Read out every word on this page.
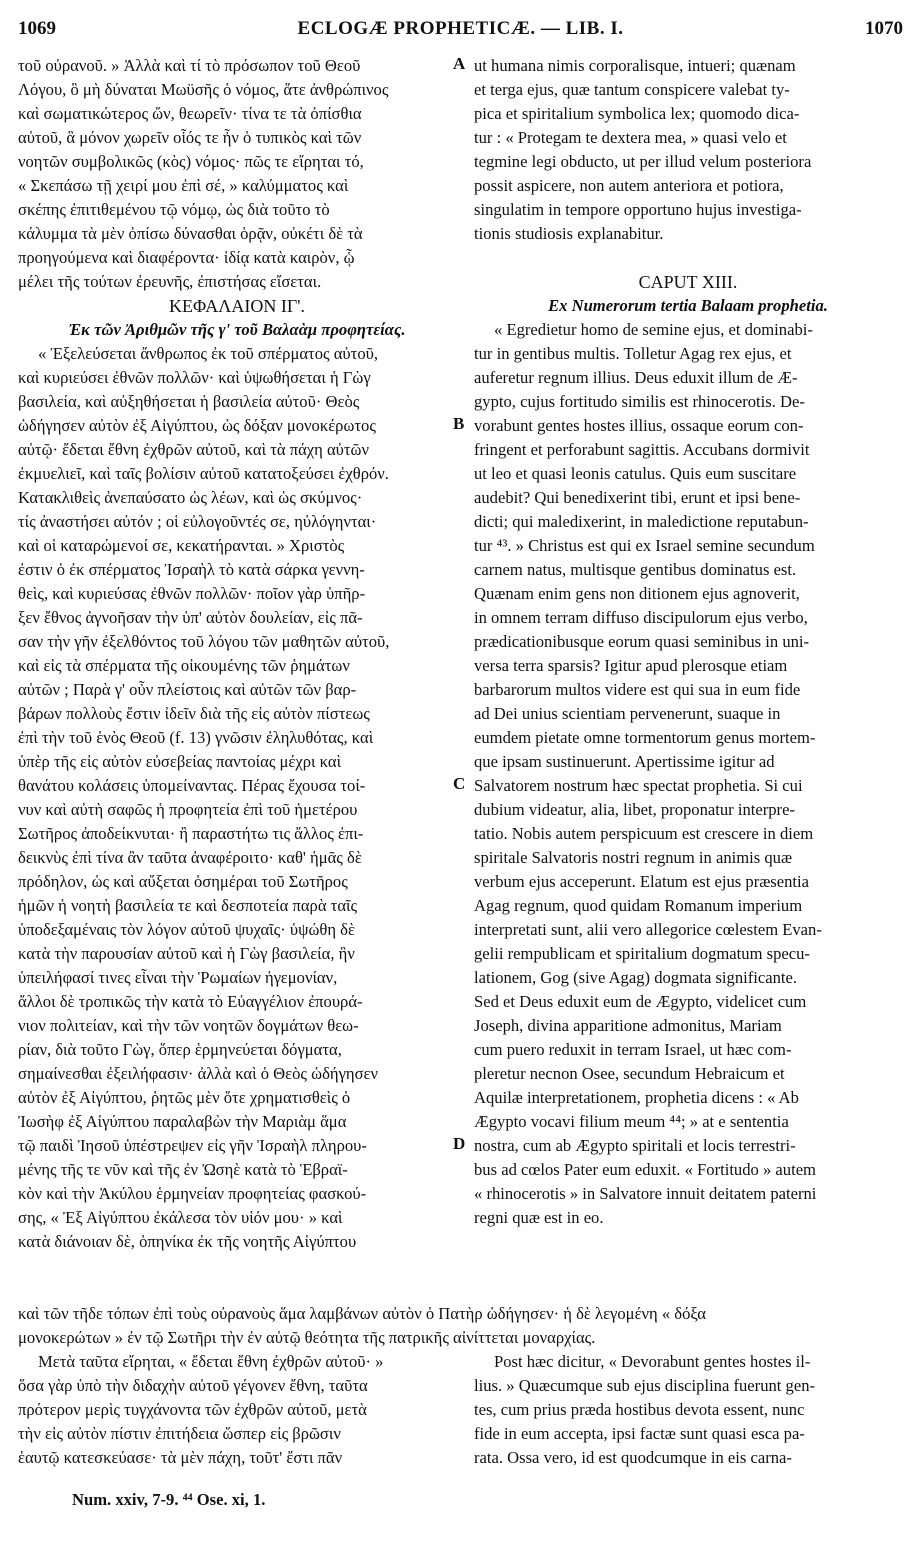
1069	ECLOGÆ PROPHETICÆ. — LIB. I.	1070
τοῦ οὐρανοῦ. » Ἀλλὰ καὶ τί τὸ πρόσωπον τοῦ Θεοῦ
Λόγου, ὃ μὴ δύναται Μωϋσῆς ὁ νόμος, ἅτε ἀνθρώπινος
καὶ σωματικώτερος ὤν, θεωρεῖν· τίνα τε τὰ ὀπίσθια
αὐτοῦ, ἃ μόνον χωρεῖν οἷός τε ἦν ὁ τυπικὸς καὶ τῶν
νοητῶν συμβολικῶς (κὸς) νόμος· πῶς τε εἴρηται τό,
« Σκεπάσω τῇ χειρί μου ἐπὶ σέ, » καλύμματος καὶ
σκέπης ἐπιτιθεμένου τῷ νόμῳ, ὡς διὰ τοῦτο τὸ
κάλυμμα τὰ μὲν ὀπίσω δύνασθαι ὁρᾷν, οὐκέτι δὲ τὰ
προηγούμενα καὶ διαφέροντα· ἰδίᾳ κατὰ καιρὸν, ᾧ
μέλει τῆς τούτων ἐρευνῆς, ἐπιστήσας εἴσεται.
ΚΕΦΑΛΑΙΟΝ ΙΓ'.
Ἐκ τῶν Ἀριθμῶν τῆς γ' τοῦ Βαλαὰμ προφητείας.
« Ἐξελεύσεται ἄνθρωπος ἐκ τοῦ σπέρματος αὐτοῦ,
καὶ κυριεύσει ἐθνῶν πολλῶν· καὶ ὑψωθήσεται ἡ Γὼγ
βασιλεία, καὶ αὐξηθήσεται ἡ βασιλεία αὐτοῦ· Θεὸς
ὡδήγησεν αὐτὸν ἐξ Αἰγύπτου, ὡς δόξαν μονοκέρωτος
αὐτῷ· ἔδεται ἔθνη ἐχθρῶν αὐτοῦ, καὶ τὰ πάχη αὐτῶν
ἐκμυελιεῖ, καὶ ταῖς βολίσιν αὐτοῦ κατατοξεύσει ἐχθρόν.
Κατακλιθεὶς ἀνεπαύσατο ὡς λέων, καὶ ὡς σκύμνος·
τίς ἀναστήσει αὐτόν ; οἱ εὐλογοῦντές σε, ηὐλόγηνται·
καὶ οἱ καταρώμενοί σε, κεκατήρανται. » Χριστὸς
ἐστιν ὁ ἐκ σπέρματος Ἰσραὴλ τὸ κατὰ σάρκα γεννη-
θεὶς, καὶ κυριεύσας ἐθνῶν πολλῶν· ποῖον γὰρ ὑπῆρ-
ξεν ἔθνος ἀγνοῆσαν τὴν ὑπ' αὐτὸν δουλείαν, εἰς πᾶ-
σαν τὴν γῆν ἐξελθόντος τοῦ λόγου τῶν μαθητῶν αὐτοῦ,
καὶ εἰς τὰ σπέρματα τῆς οἰκουμένης τῶν ῥημάτων
αὐτῶν ; Παρὰ γ' οὖν πλείστοις καὶ αὐτῶν τῶν βαρ-
βάρων πολλοὺς ἔστιν ἰδεῖν διὰ τῆς εἰς αὐτὸν πίστεως
ἐπὶ τὴν τοῦ ἑνὸς Θεοῦ (f. 13) γνῶσιν ἐληλυθότας, καὶ
ὑπὲρ τῆς εἰς αὐτὸν εὐσεβείας παντοίας μέχρι καὶ
θανάτου κολάσεις ὑπομείναντας. Πέρας ἔχουσα τοί-
νυν καὶ αὐτὴ σαφῶς ἡ προφητεία ἐπὶ τοῦ ἡμετέρου
Σωτῆρος ἀποδείκνυται· ἢ παραστήτω τις ἄλλος ἐπι-
δεικνὺς ἐπὶ τίνα ἂν ταῦτα ἀναφέροιτο· καθ' ἡμᾶς δὲ
πρόδηλον, ὡς καὶ αὔξεται ὁσημέραι τοῦ Σωτῆρος
ἡμῶν ἡ νοητὴ βασιλεία τε καὶ δεσποτεία παρὰ ταῖς
ὑποδεξαμέναις τὸν λόγον αὐτοῦ ψυχαῖς· ὑψώθη δὲ
κατὰ τὴν παρουσίαν αὐτοῦ καὶ ἡ Γὼγ βασιλεία, ἣν
ὑπειλήφασί τινες εἶναι τὴν Ῥωμαίων ἡγεμονίαν,
ἄλλοι δὲ τροπικῶς τὴν κατὰ τὸ Εὐαγγέλιον ἐπουρά-
νιον πολιτείαν, καὶ τὴν τῶν νοητῶν δογμάτων θεω-
ρίαν, διὰ τοῦτο Γὼγ, ὅπερ ἑρμηνεύεται δόγματα,
σημαίνεσθαι ἐξειλήφασιν· ἀλλὰ καὶ ὁ Θεὸς ὡδήγησεν
αὐτὸν ἐξ Αἰγύπτου, ῥητῶς μὲν ὅτε χρηματισθεὶς ὁ
Ἰωσὴφ ἐξ Αἰγύπτου παραλαβὼν τὴν Μαριὰμ ἅμα
τῷ παιδὶ Ἰησοῦ ὑπέστρεψεν εἰς γῆν Ἰσραὴλ πληρου-
μένης τῆς τε νῦν καὶ τῆς ἐν Ὠσηὲ κατὰ τὸ Ἑβραϊ-
κὸν καὶ τὴν Ἀκύλου ἑρμηνείαν προφητείας φασκού-
σης, « Ἐξ Αἰγύπτου ἐκάλεσα τὸν υἱόν μου· » καὶ
κατὰ διάνοιαν δὲ, ὁπηνίκα ἐκ τῆς νοητῆς Αἰγύπτου
ut humana nimis corporalisque, intueri; quænam
et terga ejus, quæ tantum conspicere valebat ty-
pica et spiritalium symbolica lex; quomodo dica-
tur : « Protegam te dextera mea, » quasi velo et
tegmine legi obducto, ut per illud velum posteriora
possit aspicere, non autem anteriora et potiora,
singulatim in tempore opportuno hujus investiga-
tionis studiosis explanabitur.
CAPUT XIII.
Ex Numerorum tertia Balaam prophetia.
« Egredietur homo de semine ejus, et dominabi-
tur in gentibus multis. Tolletur Agag rex ejus, et
auferetur regnum illius. Deus eduxit illum de Æ-
gypto, cujus fortitudo similis est rhinocerotis. De-
vorabunt gentes hostes illius, ossaque eorum con-
fringent et perforabunt sagittis. Accubans dormivit
ut leo et quasi leonis catulus. Quis eum suscitare
audebit? Qui benedixerint tibi, erunt et ipsi bene-
dicti; qui maledixerint, in maledictione reputabun-
tur ⁴³. » Christus est qui ex Israel semine secundum
carnem natus, multisque gentibus dominatus est.
Quænam enim gens non ditionem ejus agnoverit,
in omnem terram diffuso discipulorum ejus verbo,
prædicationibusque eorum quasi seminibus in uni-
versa terra sparsis? Igitur apud plerosque etiam
barbarorum multos videre est qui sua in eum fide
ad Dei unius scientiam pervenerunt, suaque in
eumdem pietate omne tormentorum genus mortem-
que ipsam sustinuerunt. Apertissime igitur ad
Salvatorem nostrum hæc spectat prophetia. Si cui
dubium videatur, alia, libet, proponatur interpre-
tatio. Nobis autem perspicuum est crescere in diem
spiritale Salvatoris nostri regnum in animis quæ
verbum ejus acceperunt. Elatum est ejus præsentia
Agag regnum, quod quidam Romanum imperium
interpretati sunt, alii vero allegorice cœlestem Evan-
gelii rempublicam et spiritalium dogmatum specu-
lationem, Gog (sive Agag) dogmata significante.
Sed et Deus eduxit eum de Ægypto, videlicet cum
Joseph, divina apparitione admonitus, Mariam
cum puero reduxit in terram Israel, ut hæc com-
pleretur necnon Osee, secundum Hebraicum et
Aquilæ interpretationem, prophetia dicens : « Ab
Ægypto vocavi filium meum ⁴⁴; » at e sententia
nostra, cum ab Ægypto spiritali et locis terrestri-
bus ad cœlos Pater eum eduxit. « Fortitudo » autem
« rhinocerotis » in Salvatore innuit deitatem paterni
regni quæ est in eo.
A
B
C
D
καὶ τῶν τῆδε τόπων ἐπὶ τοὺς οὐρανοὺς ἅμα λαμβάνων αὐτὸν ὁ Πατὴρ ὡδήγησεν· ἡ δὲ λεγομένη « δόξα
μονοκερώτων » ἐν τῷ Σωτῆρι τὴν ἐν αὐτῷ θεότητα τῆς πατρικῆς αἰνίττεται μοναρχίας.
Μετὰ ταῦτα εἴρηται, « ἔδεται ἔθνη ἐχθρῶν αὐτοῦ· »
ὅσα γὰρ ὑπὸ τὴν διδαχὴν αὐτοῦ γέγονεν ἔθνη, ταῦτα
πρότερον μερὶς τυγχάνοντα τῶν ἐχθρῶν αὐτοῦ, μετὰ
τὴν εἰς αὐτὸν πίστιν ἐπιτήδεια ὥσπερ εἰς βρῶσιν
ἑαυτῷ κατεσκεύασε· τὰ μὲν πάχη, τοῦτ' ἔστι πᾶν
Post hæc dicitur, « Devorabunt gentes hostes il-
lius. » Quæcumque sub ejus disciplina fuerunt gen-
tes, cum prius præda hostibus devota essent, nunc
fide in eum accepta, ipsi factæ sunt quasi esca pa-
rata. Ossa vero, id est quodcumque in eis carna-
Num. xxiv, 7-9. ⁴⁴ Ose. xi, 1.
